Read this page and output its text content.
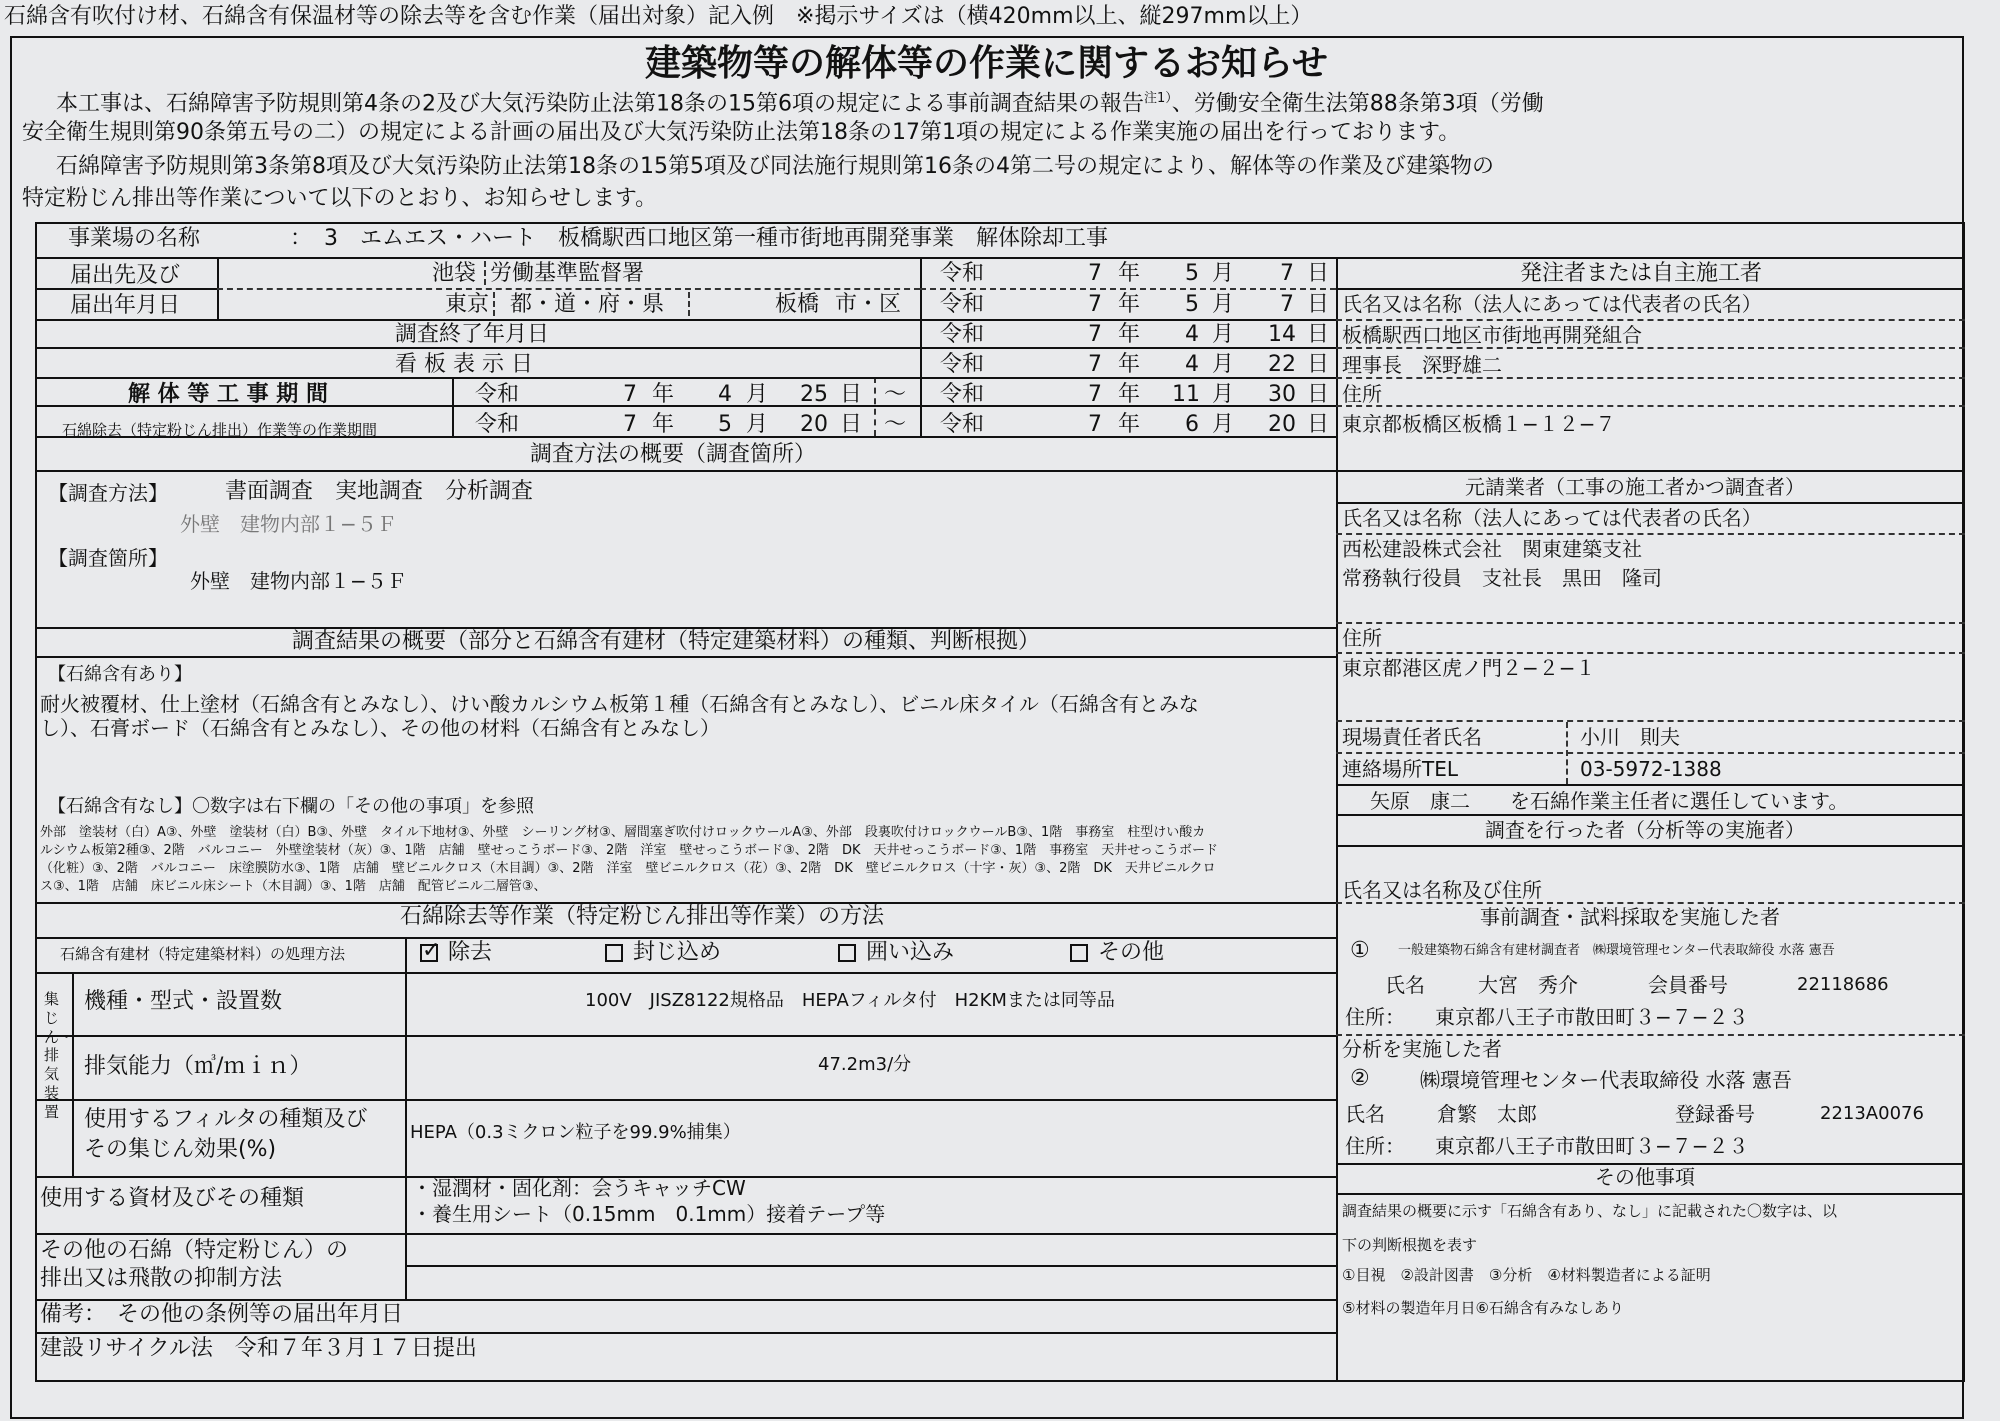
石綿含有吹付け材、石綿含有保温材等の除去等を含む作業（届出対象）記入例　※掲示サイズは（横420mm以上、縦297mm以上）
建築物等の解体等の作業に関するお知らせ
本工事は、石綿障害予防規則第4条の2及び大気汚染防止法第18条の15第6項の規定による事前調査結果の報告$^{注1)}$、労働安全衛生法第88条第3項（労働
安全衛生規則第90条第五号の二）の規定による計画の届出及び大気汚染防止法第18条の17第1項の規定による作業実施の届出を行っております。
石綿障害予防規則第3条第8項及び大気汚染防止法第18条の15第5項及び同法施行規則第16条の4第二号の規定により、解体等の作業及び建築物の
特定粉じん排出等作業について以下のとおり、お知らせします。
事業場の名称	： 3　エムエス・ハート　板橋駅西口地区第一種市街地再開発事業　解体除却工事
届出先及び
届出年月日
池袋 労働基準監督署
東京 都・道・府・県	板橋 市・区
令和	7 年 5 月 7 日
令和	7 年 5 月 7 日
調査終了年月日	令和	7 年 4 月 14 日
看 板 表 示 日	令和	7 年 4 月 22 日
解 体 等 工 事 期 間	令和	7 年 4 月 25 日 〜 令和	7 年 11 月 30 日
石綿除去（特定粉じん排出）作業等の作業期間	令和	7 年 5 月 20 日 〜 令和	7 年 6 月 20 日
調査方法の概要（調査箇所）
【調査方法】	書面調査　実地調査　分析調査
外壁　建物内部１−５Ｆ
【調査箇所】
外壁　建物内部１−５Ｆ
調査結果の概要（部分と石綿含有建材（特定建築材料）の種類、判断根拠）
【石綿含有あり】
耐火被覆材、仕上塗材（石綿含有とみなし）、けい酸カルシウム板第１種（石綿含有とみなし）、ビニル床タイル（石綿含有とみな
し）、石膏ボード（石綿含有とみなし）、その他の材料（石綿含有とみなし）
【石綿含有なし】〇数字は右下欄の「その他の事項」を参照
外部　塗装材（白）A③、外壁　塗装材（白）B③、外壁　タイル下地材③、外壁　シーリング材③、層間塞ぎ吹付けロックウールA③、外部　段裏吹付けロックウールB③、1階　事務室　柱型けい酸カ
ルシウム板第2種③、2階　バルコニー　外壁塗装材（灰）③、1階　店舗　壁せっこうボード③、2階　洋室　壁せっこうボード③、2階　DK　天井せっこうボード③、1階　事務室　天井せっこうボード
（化粧）③、2階　バルコニー　床塗膜防水③、1階　店舗　壁ビニルクロス（木目調）③、2階　洋室　壁ビニルクロス（花）③、2階　DK　壁ビニルクロス（十字・灰）③、2階　DK　天井ビニルクロ
ス③、1階　店舗　床ビニル床シート（木目調）③、1階　店舗　配管ビニル二層管③、
石綿除去等作業（特定粉じん排出等作業）の方法
石綿含有建材（特定建築材料）の処理方法
✓	除去	封じ込め	囲い込み	その他
集じん・排気装置
機種・型式・設置数	100V　JISZ8122規格品　HEPAフィルタ付　H2KMまたは同等品
排気能力（㎥/ｍｉｎ）	47.2m3/分
使用するフィルタの種類及び
その集じん効果(%)
HEPA（0.3ミクロン粒子を99.9%捕集）
使用する資材及びその種類	・湿潤材・固化剤：会うキャッチCW
・養生用シート（0.15mm　0.1mm）接着テープ等
その他の石綿（特定粉じん）の
排出又は飛散の抑制方法
備考：　その他の条例等の届出年月日
建設リサイクル法　令和７年３月１７日提出
発注者または自主施工者
氏名又は名称（法人にあっては代表者の氏名）
板橋駅西口地区市街地再開発組合
理事長　深野雄二
住所
東京都板橋区板橋１−１２−７
元請業者（工事の施工者かつ調査者）
氏名又は名称（法人にあっては代表者の氏名）
西松建設株式会社　関東建築支社
常務執行役員　支社長　黒田　隆司
住所
東京都港区虎ノ門２−２−１
現場責任者氏名	小川　則夫
連絡場所TEL	03-5972-1388
矢原　康二　　を石綿作業主任者に選任しています。
調査を行った者（分析等の実施者）
氏名又は名称及び住所
事前調査・試料採取を実施した者
① 一般建築物石綿含有建材調査者　㈱環境管理センター代表取締役 水落 憲吾
氏名	大宮　秀介	会員番号	22118686
住所： 東京都八王子市散田町３−７−２３
分析を実施した者
②	㈱環境管理センター代表取締役 水落 憲吾
氏名	倉繁　太郎	登録番号	2213A0076
住所： 東京都八王子市散田町３−７−２３
その他事項
調査結果の概要に示す「石綿含有あり、なし」に記載された〇数字は、以
下の判断根拠を表す
①目視　②設計図書　③分析　④材料製造者による証明
⑤材料の製造年月日⑥石綿含有みなしあり
